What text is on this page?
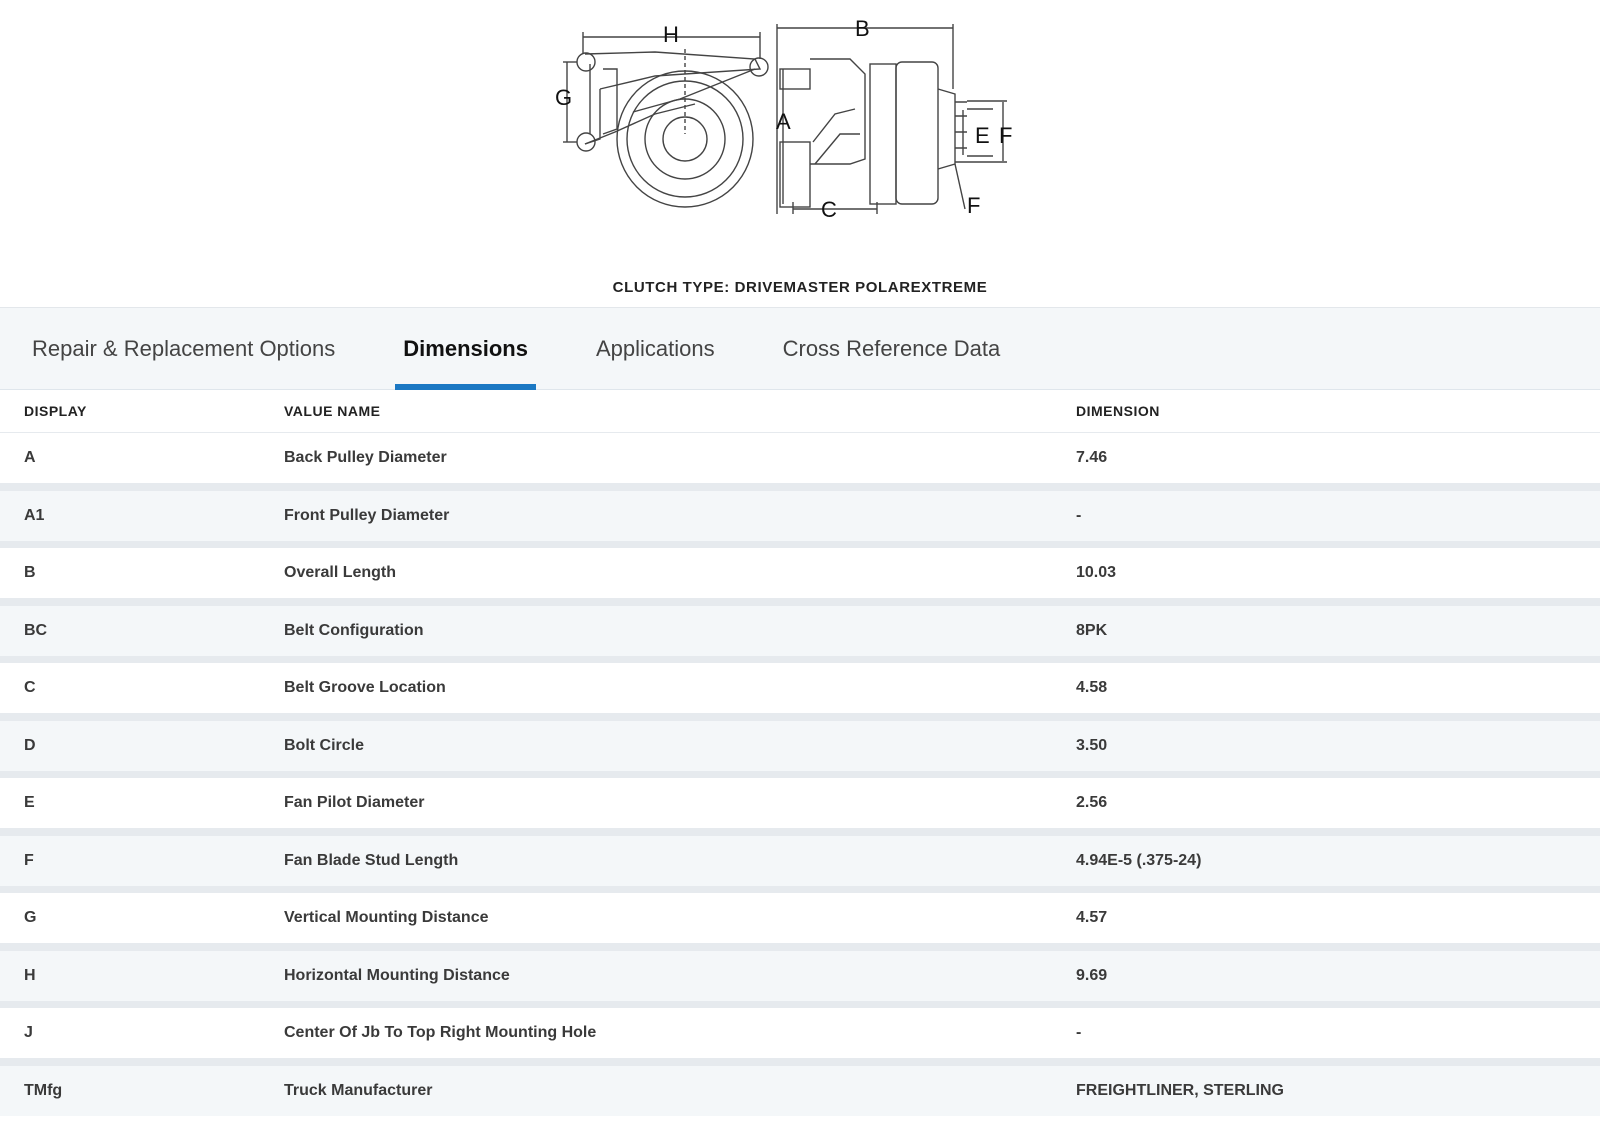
H	B
G
A
E F
C	F
CLUTCH TYPE: DRIVEMASTER POLAREXTREME
Repair & Replacement Options	Dimensions	Applications	Cross Reference Data
DISPLAY	VALUE NAME	DIMENSION
A	Back Pulley Diameter	7.46
A1	Front Pulley Diameter	-
B	Overall Length	10.03
BC	Belt Configuration	8PK
C	Belt Groove Location	4.58
D	Bolt Circle	3.50
E	Fan Pilot Diameter	2.56
F	Fan Blade Stud Length	4.94E-5 (.375-24)
G	Vertical Mounting Distance	4.57
H	Horizontal Mounting Distance	9.69
J	Center Of Jb To Top Right Mounting Hole	-
TMfg	Truck Manufacturer	FREIGHTLINER, STERLING
